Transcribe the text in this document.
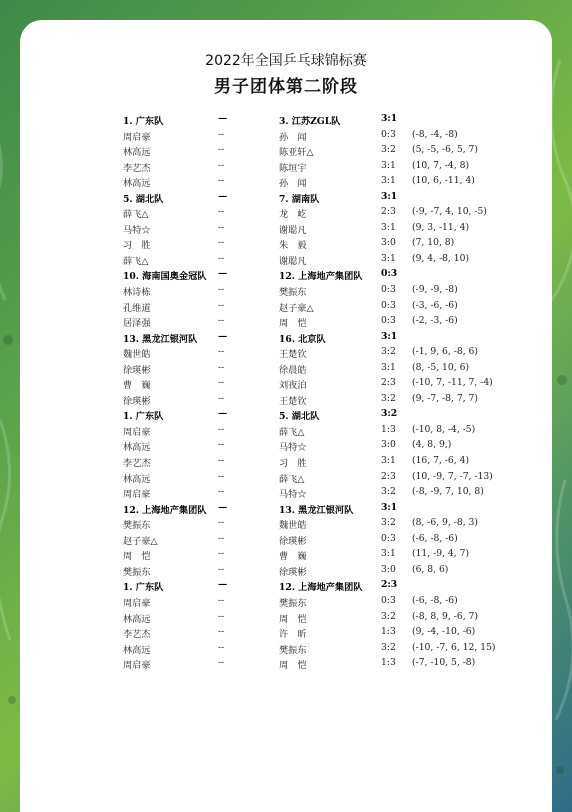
2022年全国乒乓球锦标赛
男子团体第二阶段
1. 广东队	—	3. 江苏ZGL队	3:1
周启豪	--	孙　闻	0:3 (-8, -4, -8)
林高远	--	陈亚轩△	3:2 (5, -5, -6, 5, 7)
李艺杰	--	陈垣宇	3:1 (10, 7, -4, 8)
林高远	--	孙　闻	3:1 (10, 6, -11, 4)
5. 湖北队	—	7. 湖南队	3:1
薛飞△	--	龙　屹	2:3 (-9, -7, 4, 10, -5)
马特☆	--	谢聪凡	3:1 (9, 3, -11, 4)
习　胜	--	朱　毅	3:0 (7, 10, 8)
薛飞△	--	谢聪凡	3:1 (9, 4, -8, 10)
10. 海南国奥金冠队 —	12. 上海地产集团队 0:3
林诗栋	--	樊振东	0:3 (-9, -9, -8)
孔维道	--	赵子豪△	0:3 (-3, -6, -6)
居泽强	--	周　恺	0:3 (-2, -3, -6)
13. 黑龙江银河队 —	16. 北京队	3:1
魏世皓	--	王楚钦	3:2 (-1, 9, 6, -8, 6)
徐瑛彬	--	徐晨皓	3:1 (8, -5, 10, 6)
曹　巍	--	刘夜泊	2:3 (-10, 7, -11, 7, -4)
徐瑛彬	--	王楚钦	3:2 (9, -7, -8, 7, 7)
1. 广东队	—	5. 湖北队	3:2
周启豪	--	薛飞△	1:3 (-10, 8, -4, -5)
林高远	--	马特☆	3:0 (4, 8, 9,)
李艺杰	--	习　胜	3:1 (16, 7, -6, 4)
林高远	--	薛飞△	2:3 (10, -9, 7, -7, -13)
周启豪	--	马特☆	3:2 (-8, -9, 7, 10, 8)
12. 上海地产集团队 —	13. 黑龙江银河队	3:1
樊振东	--	魏世皓	3:2 (8, -6, 9, -8, 3)
赵子豪△	--	徐瑛彬	0:3 (-6, -8, -6)
周　恺	--	曹　巍	3:1 (11, -9, 4, 7)
樊振东	--	徐瑛彬	3:0 (6, 8, 6)
1. 广东队	—	12. 上海地产集团队 2:3
周启豪	--	樊振东	0:3 (-6, -8, -6)
林高远	--	周　恺	3:2 (-8, 8, 9, -6, 7)
李艺杰	--	许　昕	1:3 (9, -4, -10, -6)
林高远	--	樊振东	3:2 (-10, -7, 6, 12, 15)
周启豪	--	周　恺	1:3 (-7, -10, 5, -8)
